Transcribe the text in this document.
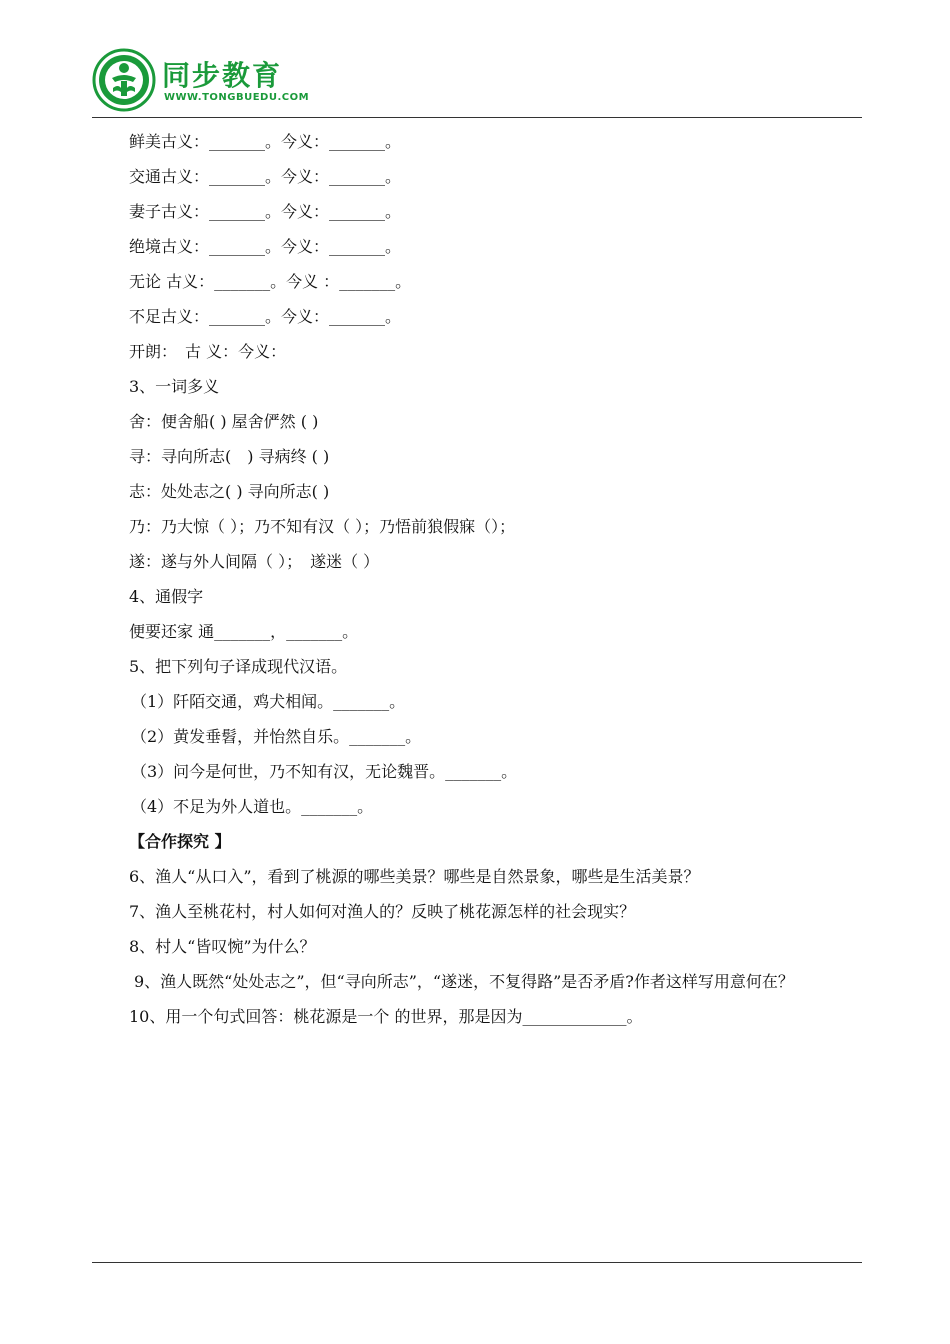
同步教育
WWW.TONGBUEDU.COM
鲜美古义：_______。今义：_______。
交通古义：_______。今义：_______。
妻子古义：_______。今义：_______。
绝境古义：_______。今义：_______。
无论 古义：_______。今义 ：_______。
不足古义：_______。今义：_______。
开朗：　古 义：今义：
3、一词多义
舍：便舍船( ) 屋舍俨然 ( )
寻：寻向所志(　) 寻病终 ( )
志：处处志之( ) 寻向所志( )
乃：乃大惊（ ）；乃不知有汉（ ）；乃悟前狼假寐（）；
遂：遂与外人间隔（ ）；　遂迷（ ）
4、通假字
便要还家 通_______，_______。
5、把下列句子译成现代汉语。
（1）阡陌交通，鸡犬相闻。_______。
（2）黄发垂髫，并怡然自乐。_______。
（3）问今是何世，乃不知有汉，无论魏晋。_______。
（4）不足为外人道也。_______。
【合作探究 】
6、渔人“从口入”，看到了桃源的哪些美景？哪些是自然景象，哪些是生活美景？
7、渔人至桃花村，村人如何对渔人的？反映了桃花源怎样的社会现实？
8、村人“皆叹惋”为什么？
9、渔人既然“处处志之”，但“寻向所志”，“遂迷，不复得路”是否矛盾?作者这样写用意何在？
10、用一个句式回答：桃花源是一个 的世界，那是因为_____________。
